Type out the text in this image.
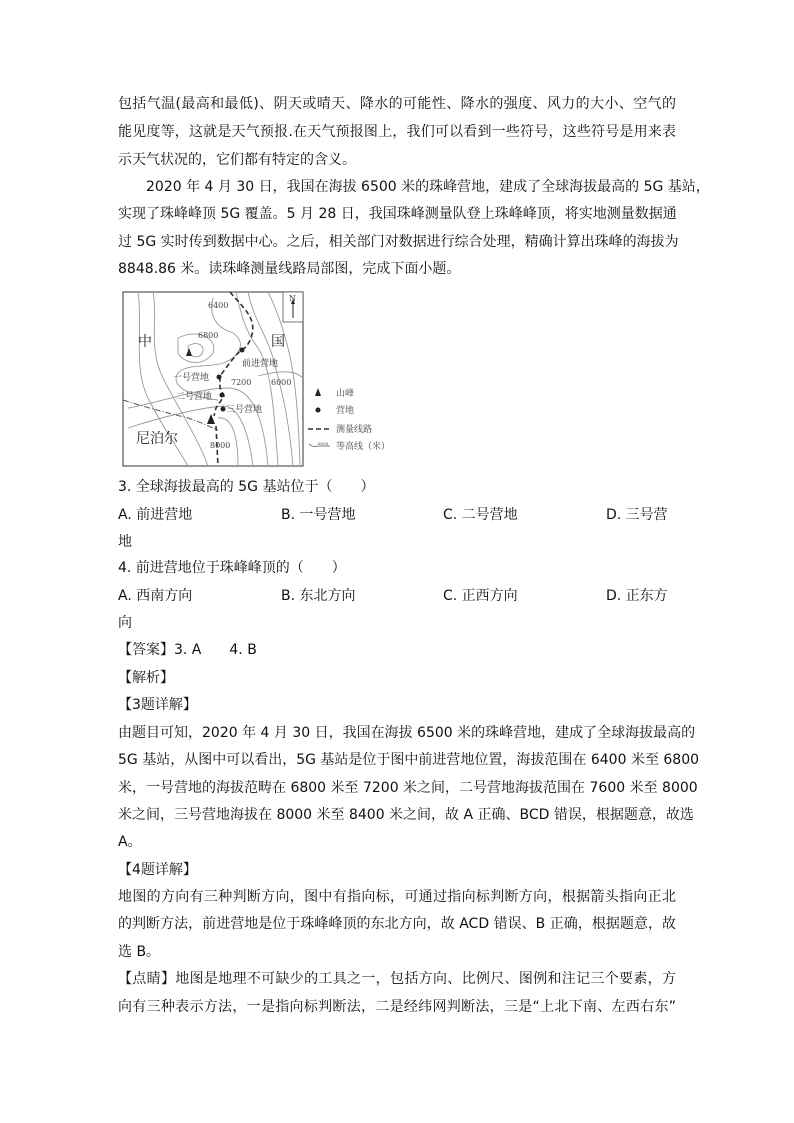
包括气温(最高和最低)、阴天或晴天、降水的可能性、降水的强度、风力的大小、空气的
能见度等，这就是天气预报.在天气预报图上，我们可以看到一些符号，这些符号是用来表
示天气状况的，它们都有特定的含义。
　　2020 年 4 月 30 日，我国在海拔 6500 米的珠峰营地，建成了全球海拔最高的 5G 基站，
实现了珠峰峰顶 5G 覆盖。5 月 28 日，我国珠峰测量队登上珠峰峰顶，将实地测量数据通
过 5G 实时传到数据中心。之后，相关部门对数据进行综合处理，精确计算出珠峰的海拔为
8848.86 米。读珠峰测量线路局部图，完成下面小题。
N
中	国
尼泊尔
6400
6800
7200 6000
8000
前进营地
一号营地
二号营地
三号营地
山峰
营地
测量线路
6000 等高线（米）
3. 全球海拔最高的 5G 基站位于（　　）
A. 前进营地	B. 一号营地	C. 二号营地	D. 三号营
地
4. 前进营地位于珠峰峰顶的（　　）
A. 西南方向	B. 东北方向	C. 正西方向	D. 正东方
向
【答案】3. A　　4. B
【解析】
【3题详解】
由题目可知，2020 年 4 月 30 日，我国在海拔 6500 米的珠峰营地，建成了全球海拔最高的
5G 基站，从图中可以看出，5G 基站是位于图中前进营地位置，海拔范围在 6400 米至 6800
米，一号营地的海拔范畴在 6800 米至 7200 米之间，二号营地海拔范围在 7600 米至 8000
米之间，三号营地海拔在 8000 米至 8400 米之间，故 A 正确、BCD 错误，根据题意，故选
A。
【4题详解】
地图的方向有三种判断方向，图中有指向标，可通过指向标判断方向，根据箭头指向正北
的判断方法，前进营地是位于珠峰峰顶的东北方向，故 ACD 错误、B 正确，根据题意，故
选 B。
【点睛】地图是地理不可缺少的工具之一，包括方向、比例尺、图例和注记三个要素，方
向有三种表示方法，一是指向标判断法，二是经纬网判断法，三是“上北下南、左西右东”
